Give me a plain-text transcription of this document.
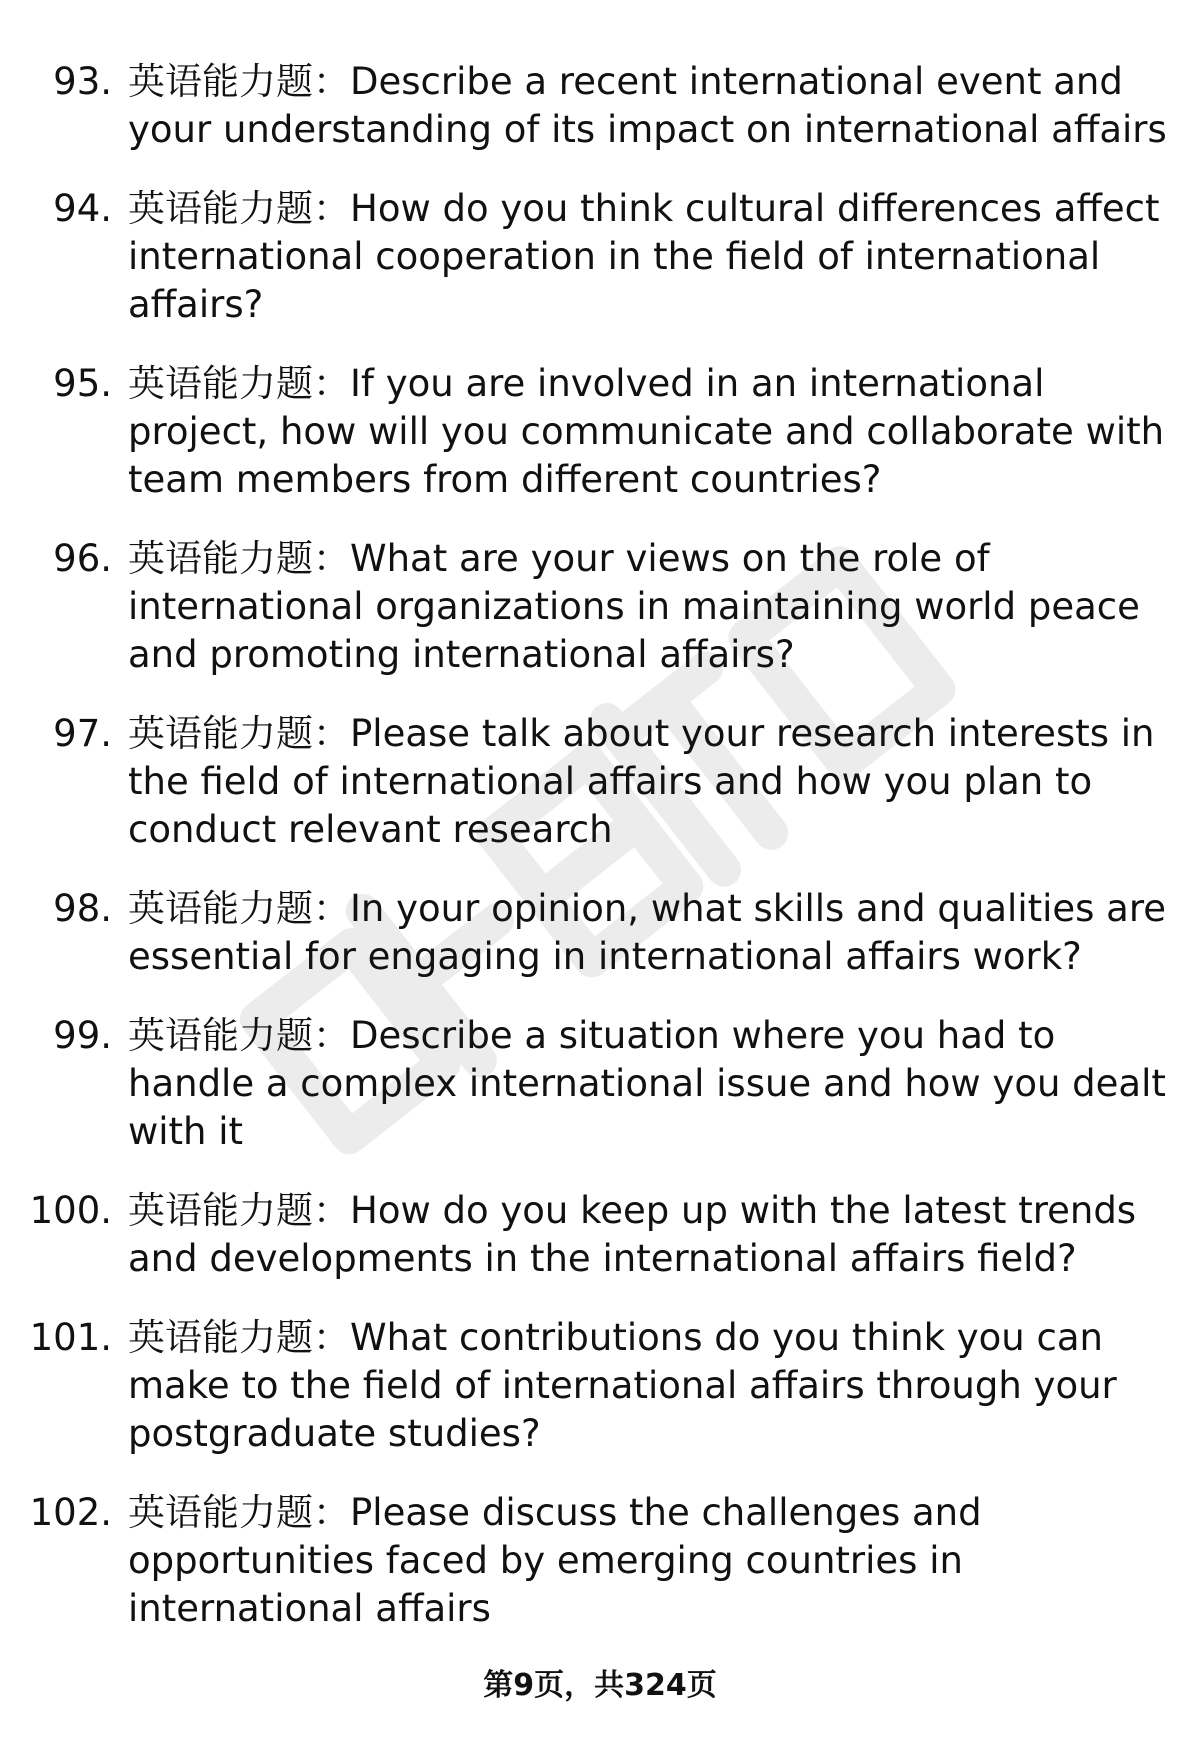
93. 英语能力题：Describe a recent international event and your understanding of its impact on international affairs
94. 英语能力题：How do you think cultural differences affect international cooperation in the field of international affairs?
95. 英语能力题：If you are involved in an international project, how will you communicate and collaborate with team members from different countries?
96. 英语能力题：What are your views on the role of international organizations in maintaining world peace and promoting international affairs?
97. 英语能力题：Please talk about your research interests in the field of international affairs and how you plan to conduct relevant research
98. 英语能力题：In your opinion, what skills and qualities are essential for engaging in international affairs work?
99. 英语能力题：Describe a situation where you had to handle a complex international issue and how you dealt with it
100. 英语能力题：How do you keep up with the latest trends and developments in the international affairs field?
101. 英语能力题：What contributions do you think you can make to the field of international affairs through your postgraduate studies?
102. 英语能力题：Please discuss the challenges and opportunities faced by emerging countries in international affairs
第9页，共324页
